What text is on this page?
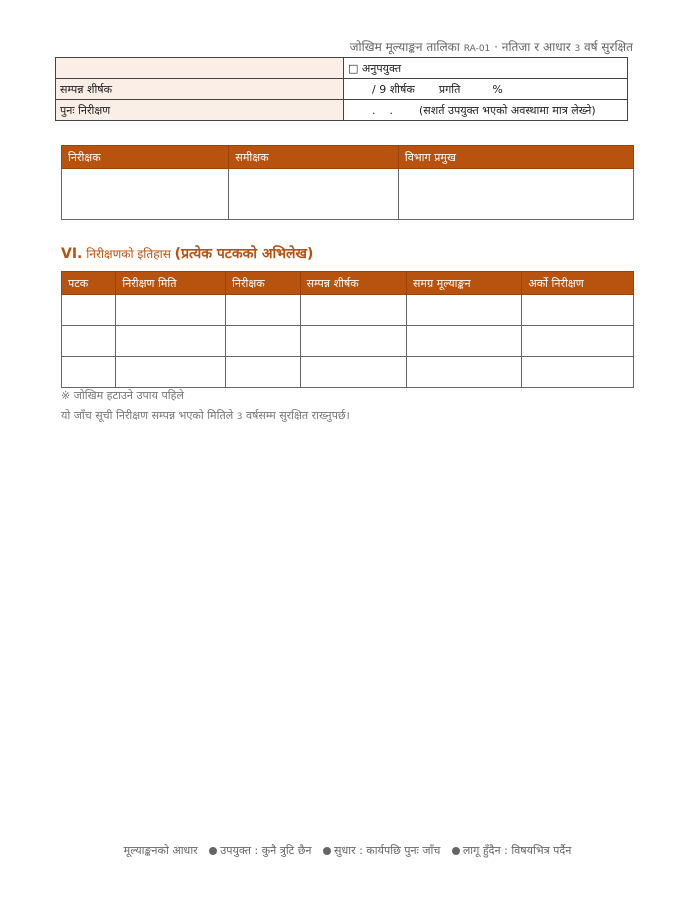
जोखिम मूल्याङ्कन तालिका RA-01 · नतिजा र आधार 3 वर्ष सुरक्षित
	□ अनुपयुक्त
सम्पन्न शीर्षक	/ 9 शीर्षक प्रगति %
पुनः निरीक्षण	. . (सशर्त उपयुक्त भएको अवस्थामा मात्र लेख्ने)
निरीक्षक	समीक्षक	विभाग प्रमुख

VI. निरीक्षणको इतिहास (प्रत्येक पटकको अभिलेख)
पटक	निरीक्षण मिति	निरीक्षक	सम्पन्न शीर्षक	समग्र मूल्याङ्कन	अर्को निरीक्षण

※ जोखिम हटाउने उपाय पहिले
यो जाँच सूची निरीक्षण सम्पन्न भएको मितिले 3 वर्षसम्म सुरक्षित राख्नुपर्छ।
मूल्याङ्कनको आधार उपयुक्त : कुनै त्रुटि छैन सुधार : कार्यपछि पुनः जाँच लागू हुँदैन : विषयभित्र पर्दैन
